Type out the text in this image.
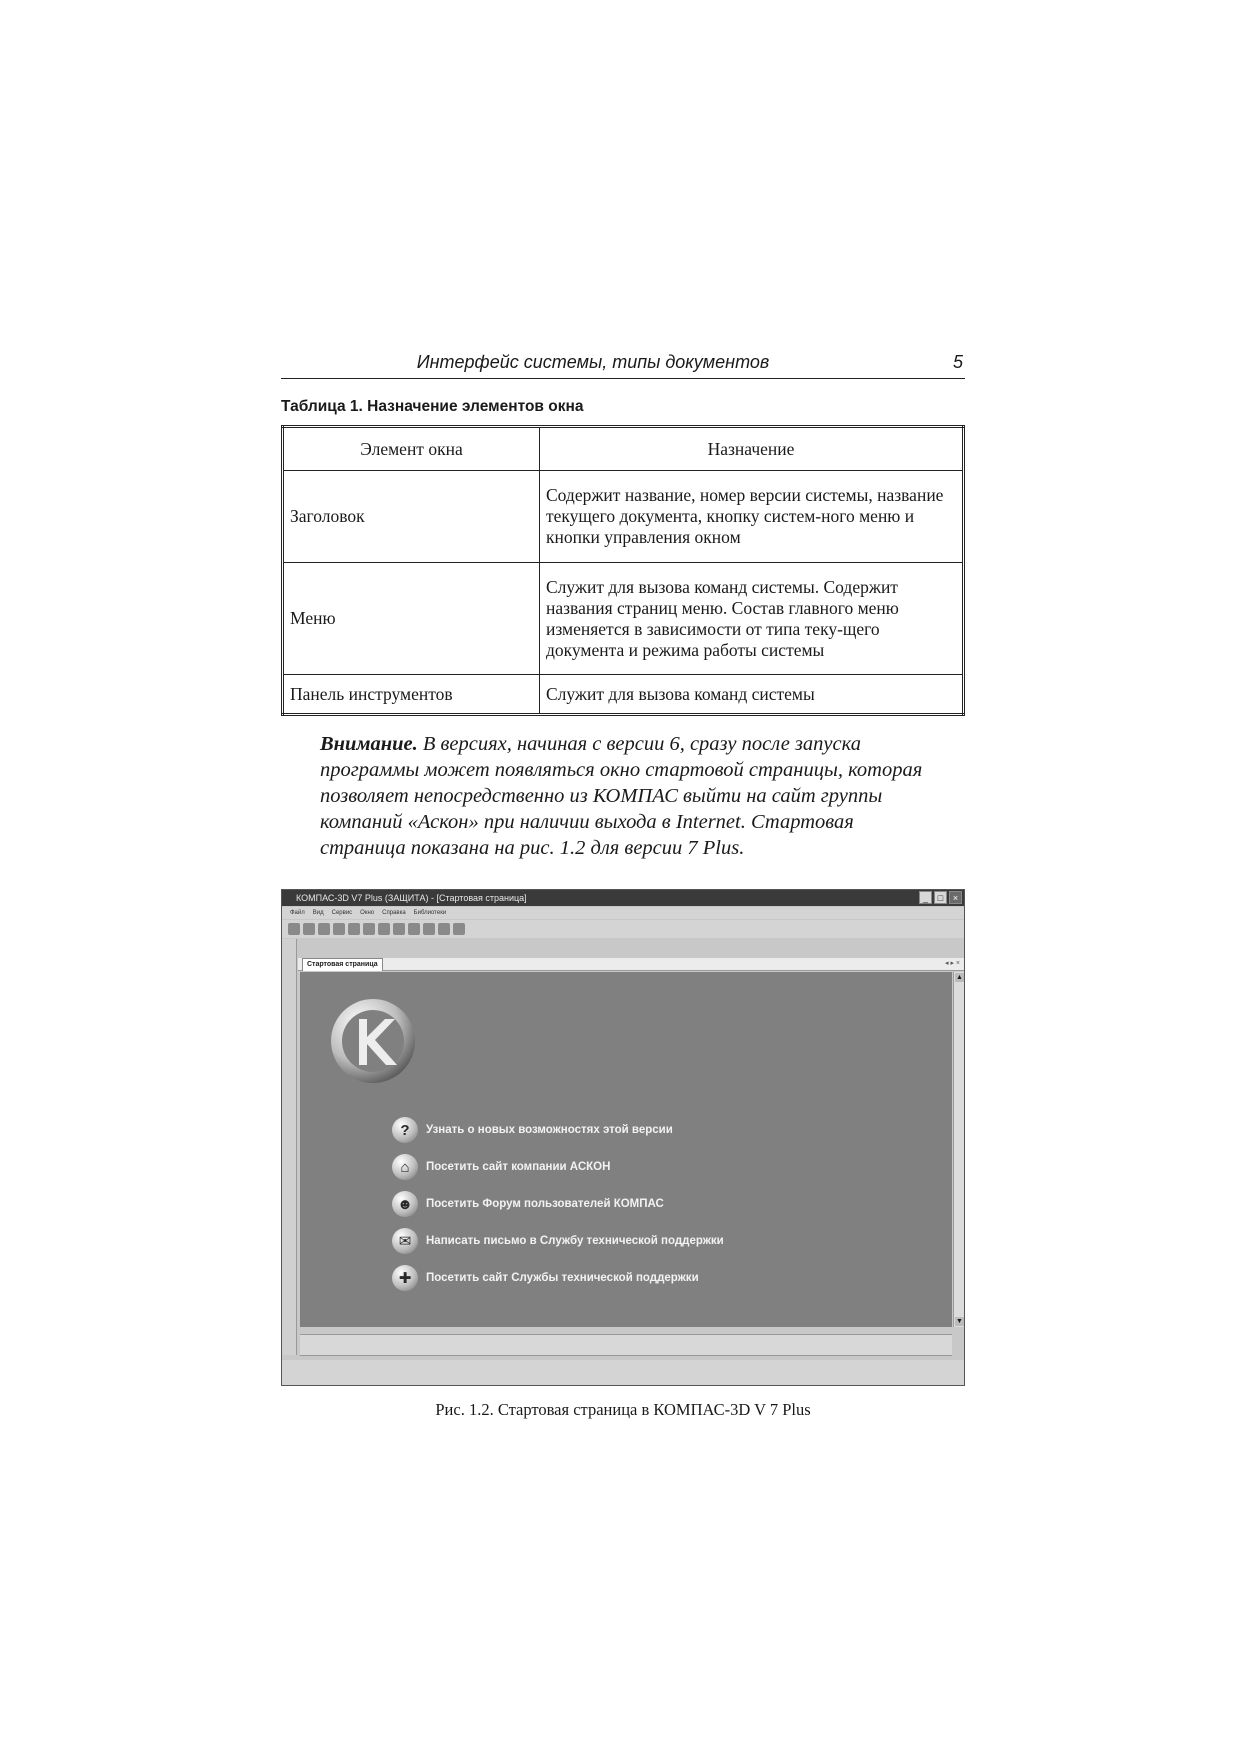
Интерфейс системы, типы документов	5
Таблица 1. Назначение элементов окна
Элемент окна	Назначение
Заголовок	Содержит название, номер версии системы, название текущего документа, кнопку систем-ного меню и кнопки управления окном
Меню	Служит для вызова команд системы. Содержит названия страниц меню. Состав главного меню изменяется в зависимости от типа теку-щего документа и режима работы системы
Панель инструментов	Служит для вызова команд системы
Внимание. В версиях, начиная с версии 6, сразу после запуска программы может появляться окно стартовой страницы, которая позволяет непосредственно из КОМПАС выйти на сайт группы компаний «Аскон» при наличии выхода в Internet. Стартовая страница показана на рис. 1.2 для версии 7 Plus.
КОМПАС-3D V7 Plus (ЗАЩИТА) - [Стартовая страница]	_	□	×
Файл Вид Сервис Окно Справка Библиотеки
Стартовая страница	◂ ▸ ×
?	Узнать о новых возможностях этой версии
⌂	Посетить сайт компании АСКОН
☻	Посетить Форум пользователей КОМПАС
✉	Написать письмо в Службу технической поддержки
✚	Посетить сайт Службы технической поддержки
▲
▼
Рис. 1.2. Стартовая страница в КОМПАС-3D V 7 Plus
